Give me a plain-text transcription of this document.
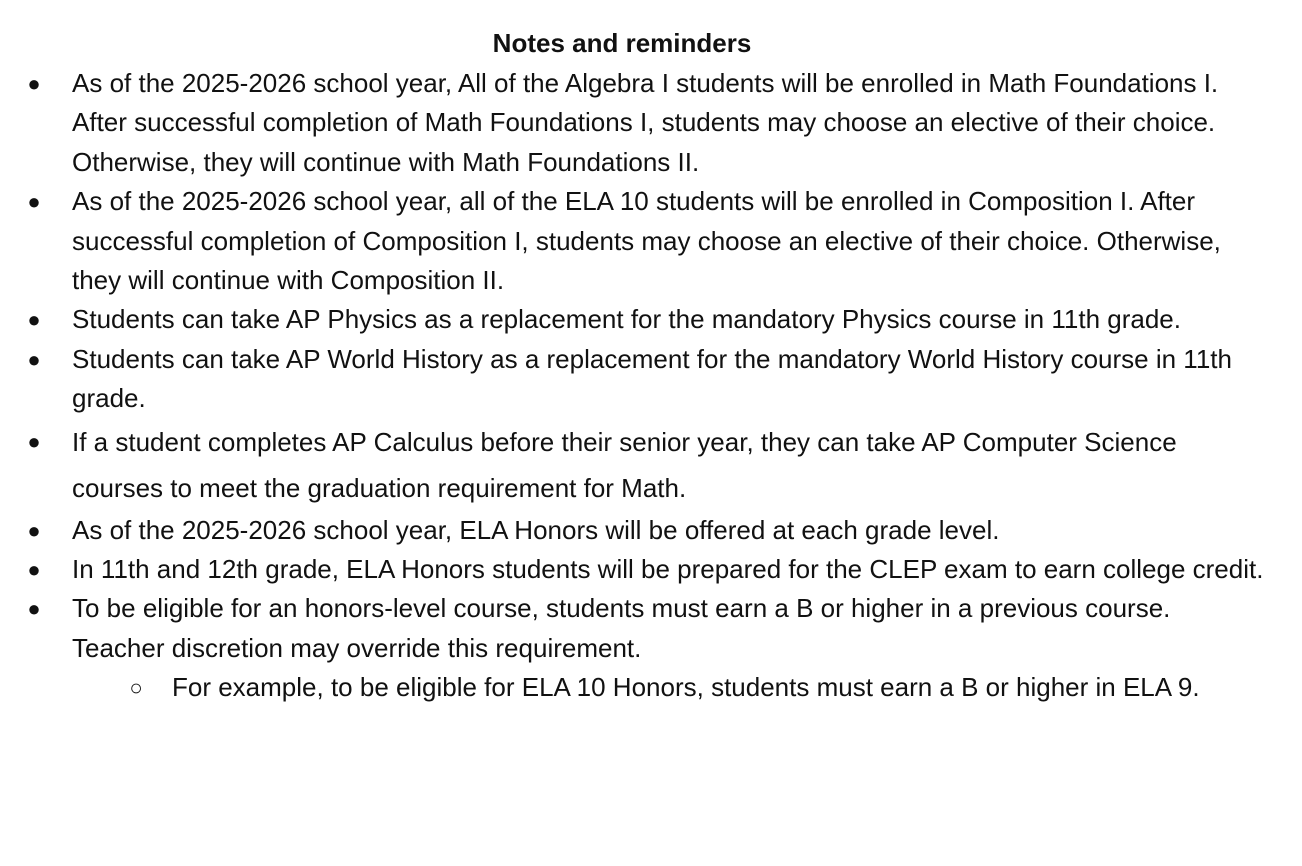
Notes and reminders
● As of the 2025-2026 school year, All of the Algebra I students will be enrolled in Math Foundations I. After successful completion of Math Foundations I, students may choose an elective of their choice. Otherwise, they will continue with Math Foundations II.
● As of the 2025-2026 school year, all of the ELA 10 students will be enrolled in Composition I. After successful completion of Composition I, students may choose an elective of their choice. Otherwise, they will continue with Composition II.
● Students can take AP Physics as a replacement for the mandatory Physics course in 11th grade.
● Students can take AP World History as a replacement for the mandatory World History course in 11th grade.
● If a student completes AP Calculus before their senior year, they can take AP Computer Science courses to meet the graduation requirement for Math.
● As of the 2025-2026 school year, ELA Honors will be offered at each grade level.
● In 11th and 12th grade, ELA Honors students will be prepared for the CLEP exam to earn college credit.
● To be eligible for an honors-level course, students must earn a B or higher in a previous course. Teacher discretion may override this requirement.
○ For example, to be eligible for ELA 10 Honors, students must earn a B or higher in ELA 9.
